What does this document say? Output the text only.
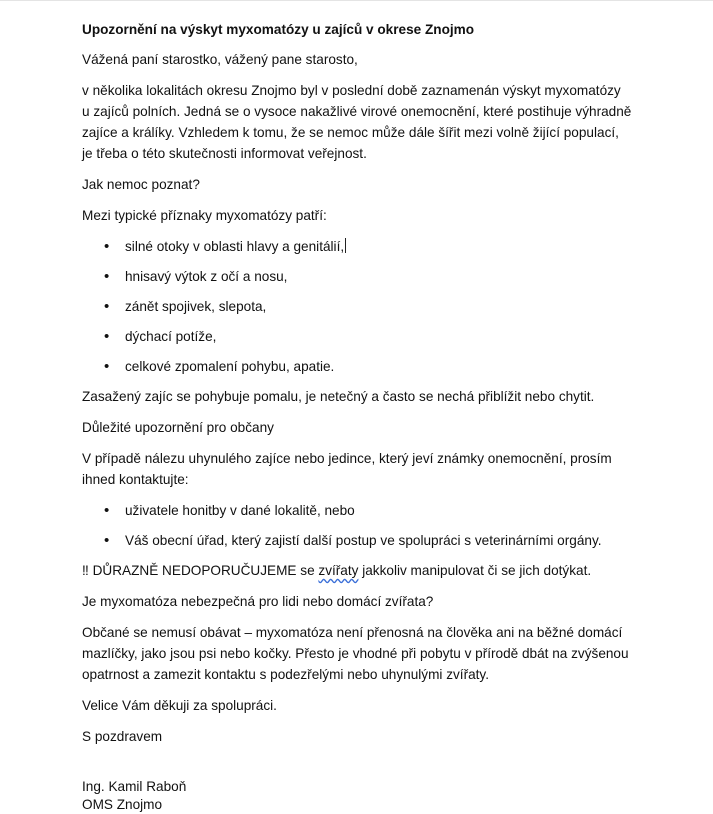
Upozornění na výskyt myxomatózy u zajíců v okrese Znojmo

Vážená paní starostko, vážený pane starosto,

v několika lokalitách okresu Znojmo byl v poslední době zaznamenán výskyt myxomatózy u zajíců polních. Jedná se o vysoce nakažlivé virové onemocnění, které postihuje výhradně zajíce a králíky. Vzhledem k tomu, že se nemoc může dále šířit mezi volně žijící populací, je třeba o této skutečnosti informovat veřejnost.

Jak nemoc poznat?

Mezi typické příznaky myxomatózy patří:

• silné otoky v oblasti hlavy a genitálií,
• hnisavý výtok z očí a nosu,
• zánět spojivek, slepota,
• dýchací potíže,
• celkové zpomalení pohybu, apatie.

Zasažený zajíc se pohybuje pomalu, je netečný a často se nechá přiblížit nebo chytit.

Důležité upozornění pro občany

V případě nálezu uhynulého zajíce nebo jedince, který jeví známky onemocnění, prosím ihned kontaktujte:

• uživatele honitby v dané lokalitě, nebo
• Váš obecní úřad, který zajistí další postup ve spolupráci s veterinárními orgány.

‼ DŮRAZNĚ NEDOPORUČUJEME se zvířaty jakkoliv manipulovat či se jich dotýkat.

Je myxomatóza nebezpečná pro lidi nebo domácí zvířata?

Občané se nemusí obávat – myxomatóza není přenosná na člověka ani na běžné domácí mazlíčky, jako jsou psi nebo kočky. Přesto je vhodné při pobytu v přírodě dbát na zvýšenou opatrnost a zamezit kontaktu s podezřelými nebo uhynulými zvířaty.

Velice Vám děkuji za spolupráci.

S pozdravem

Ing. Kamil Raboň
OMS Znojmo
